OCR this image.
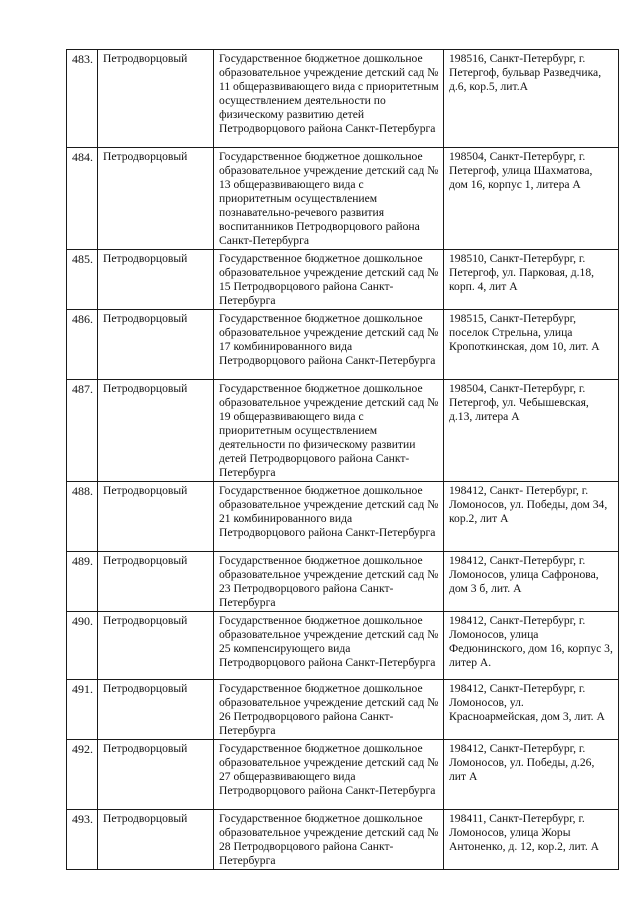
483.	Петродворцовый	Государственное бюджетное дошкольное образовательное учреждение детский сад № 11 общеразвивающего вида с приоритетным осуществлением деятельности по физическому развитию детей Петродворцового района Санкт-Петербурга	198516, Санкт-Петербург, г. Петергоф, бульвар Разведчика, д.6, кор.5, лит.А
484.	Петродворцовый	Государственное бюджетное дошкольное образовательное учреждение детский сад № 13 общеразвивающего вида с приоритетным осуществлением познавательно-речевого развития воспитанников Петродворцового района Санкт-Петербурга	198504, Санкт-Петербург, г. Петергоф, улица Шахматова, дом 16, корпус 1, литера А
485.	Петродворцовый	Государственное бюджетное дошкольное образовательное учреждение детский сад № 15 Петродворцового района Санкт-Петербурга	198510, Санкт-Петербург, г. Петергоф, ул. Парковая, д.18, корп. 4, лит А
486.	Петродворцовый	Государственное бюджетное дошкольное образовательное учреждение детский сад № 17 комбинированного вида Петродворцового района Санкт-Петербурга	198515, Санкт-Петербург, поселок Стрельна, улица Кропоткинская, дом 10, лит. А
487.	Петродворцовый	Государственное бюджетное дошкольное образовательное учреждение детский сад № 19 общеразвивающего вида с приоритетным осуществлением деятельности по физическому развитии детей Петродворцового района Санкт-Петербурга	198504, Санкт-Петербург, г. Петергоф, ул. Чебышевская, д.13, литера А
488.	Петродворцовый	Государственное бюджетное дошкольное образовательное учреждение детский сад № 21 комбинированного вида Петродворцового района Санкт-Петербурга	198412, Санкт- Петербург, г. Ломоносов, ул. Победы, дом 34, кор.2, лит А
489.	Петродворцовый	Государственное бюджетное дошкольное образовательное учреждение детский сад № 23 Петродворцового района Санкт-Петербурга	198412, Санкт-Петербург, г. Ломоносов, улица Сафронова, дом 3 б, лит. А
490.	Петродворцовый	Государственное бюджетное дошкольное образовательное учреждение детский сад № 25 компенсирующего вида Петродворцового района Санкт-Петербурга	198412, Санкт-Петербург, г. Ломоносов, улица Федюнинского, дом 16, корпус 3, литер А.
491.	Петродворцовый	Государственное бюджетное дошкольное образовательное учреждение детский сад № 26 Петродворцового района Санкт-Петербурга	198412, Санкт-Петербург, г. Ломоносов, ул. Красноармейская, дом 3, лит. А
492.	Петродворцовый	Государственное бюджетное дошкольное образовательное учреждение детский сад № 27 общеразвивающего вида Петродворцового района Санкт-Петербурга	198412, Санкт-Петербург, г. Ломоносов, ул. Победы, д.26, лит А
493.	Петродворцовый	Государственное бюджетное дошкольное образовательное учреждение детский сад № 28 Петродворцового района Санкт-Петербурга	198411, Санкт-Петербург, г. Ломоносов, улица Жоры Антоненко, д. 12, кор.2, лит. А
